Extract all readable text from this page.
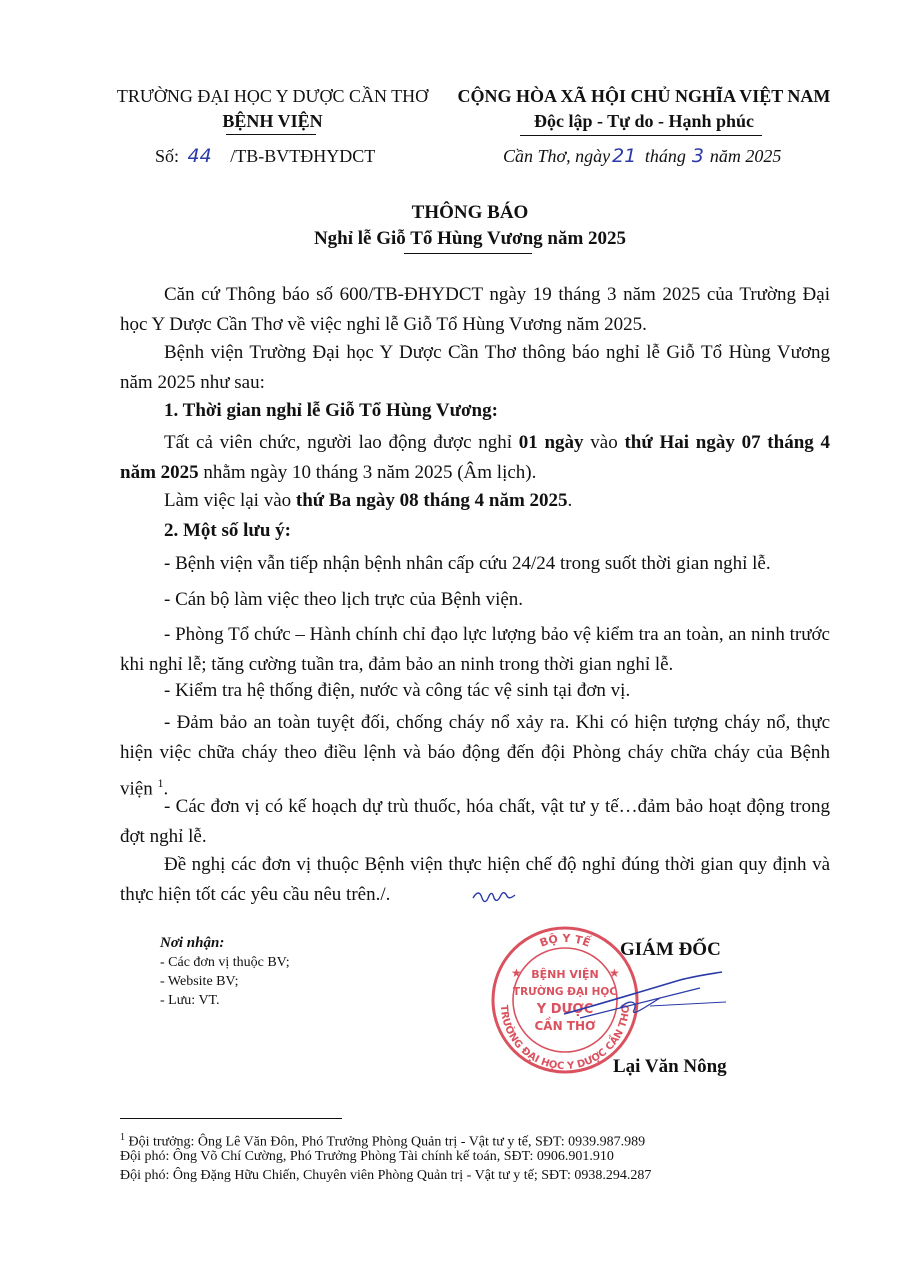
TRƯỜNG ĐẠI HỌC Y DƯỢC CẦN THƠ
BỆNH VIỆN
Số: 44 /TB-BVTĐHYDCT
CỘNG HÒA XÃ HỘI CHỦ NGHĨA VIỆT NAM
Độc lập - Tự do - Hạnh phúc
Cần Thơ, ngày 21 tháng 3 năm 2025
THÔNG BÁO
Nghỉ lễ Giỗ Tổ Hùng Vương năm 2025
Căn cứ Thông báo số 600/TB-ĐHYDCT ngày 19 tháng 3 năm 2025 của Trường Đại học Y Dược Cần Thơ về việc nghỉ lễ Giỗ Tổ Hùng Vương năm 2025.
Bệnh viện Trường Đại học Y Dược Cần Thơ thông báo nghỉ lễ Giỗ Tổ Hùng Vương năm 2025 như sau:
1. Thời gian nghỉ lễ Giỗ Tổ Hùng Vương:
Tất cả viên chức, người lao động được nghỉ 01 ngày vào thứ Hai ngày 07 tháng 4 năm 2025 nhằm ngày 10 tháng 3 năm 2025 (Âm lịch).
Làm việc lại vào thứ Ba ngày 08 tháng 4 năm 2025.
2. Một số lưu ý:
- Bệnh viện vẫn tiếp nhận bệnh nhân cấp cứu 24/24 trong suốt thời gian nghỉ lễ.
- Cán bộ làm việc theo lịch trực của Bệnh viện.
- Phòng Tổ chức – Hành chính chỉ đạo lực lượng bảo vệ kiểm tra an toàn, an ninh trước khi nghỉ lễ; tăng cường tuần tra, đảm bảo an ninh trong thời gian nghỉ lễ.
- Kiểm tra hệ thống điện, nước và công tác vệ sinh tại đơn vị.
- Đảm bảo an toàn tuyệt đối, chống cháy nổ xảy ra. Khi có hiện tượng cháy nổ, thực hiện việc chữa cháy theo điều lệnh và báo động đến đội Phòng cháy chữa cháy của Bệnh viện $^1$.
- Các đơn vị có kế hoạch dự trù thuốc, hóa chất, vật tư y tế…đảm bảo hoạt động trong đợt nghỉ lễ.
Đề nghị các đơn vị thuộc Bệnh viện thực hiện chế độ nghỉ đúng thời gian quy định và thực hiện tốt các yêu cầu nêu trên./.
Nơi nhận:
- Các đơn vị thuộc BV;
- Website BV;
- Lưu: VT.
GIÁM ĐỐC
BỘ Y TẾ
TRƯỜNG ĐẠI HỌC Y DƯỢC CẦN THƠ
BỆNH VIỆN
TRƯỜNG ĐẠI HỌC
Y DƯỢC
CẦN THƠ
★	★
Lại Văn Nông
$^1$ Đội trưởng: Ông Lê Văn Đôn, Phó Trưởng Phòng Quản trị - Vật tư y tế, SĐT: 0939.987.989
Đội phó: Ông Võ Chí Cường, Phó Trưởng Phòng Tài chính kế toán, SĐT: 0906.901.910
Đội phó: Ông Đặng Hữu Chiến, Chuyên viên Phòng Quản trị - Vật tư y tế; SĐT: 0938.294.287
